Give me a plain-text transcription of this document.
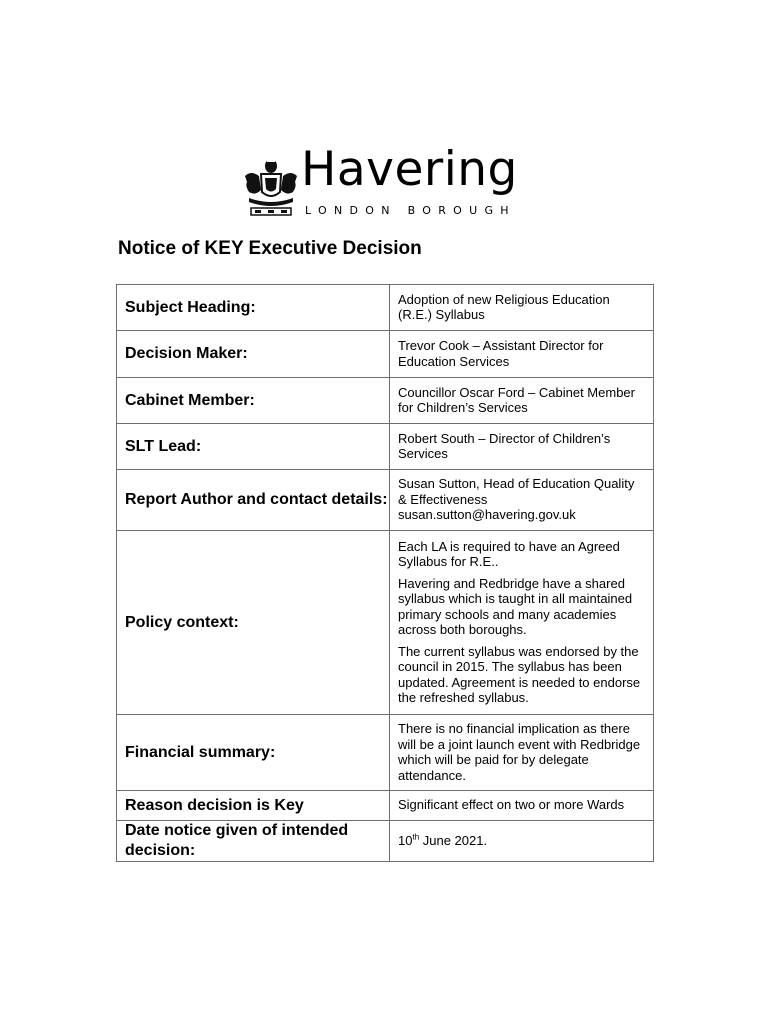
Havering
LONDON BOROUGH
Notice of KEY Executive Decision
Subject Heading:	Adoption of new Religious Education (R.E.) Syllabus

Decision Maker:	Trevor Cook – Assistant Director for Education Services

Cabinet Member:	Councillor Oscar Ford – Cabinet Member for Children’s Services

SLT Lead:	Robert South – Director of Children’s Services

Report Author and contact details:	Susan Sutton, Head of Education Quality & Effectiveness
susan.sutton@havering.gov.uk

Policy context:	Each LA is required to have an Agreed Syllabus for R.E..

Havering and Redbridge have a shared syllabus which is taught in all maintained primary schools and many academies across both boroughs.

The current syllabus was endorsed by the council in 2015. The syllabus has been updated. Agreement is needed to endorse the refreshed syllabus.

Financial summary:	There is no financial implication as there will be a joint launch event with Redbridge which will be paid for by delegate attendance.

Reason decision is Key	Significant effect on two or more Wards

Date notice given of intended decision:	10th June 2021.
